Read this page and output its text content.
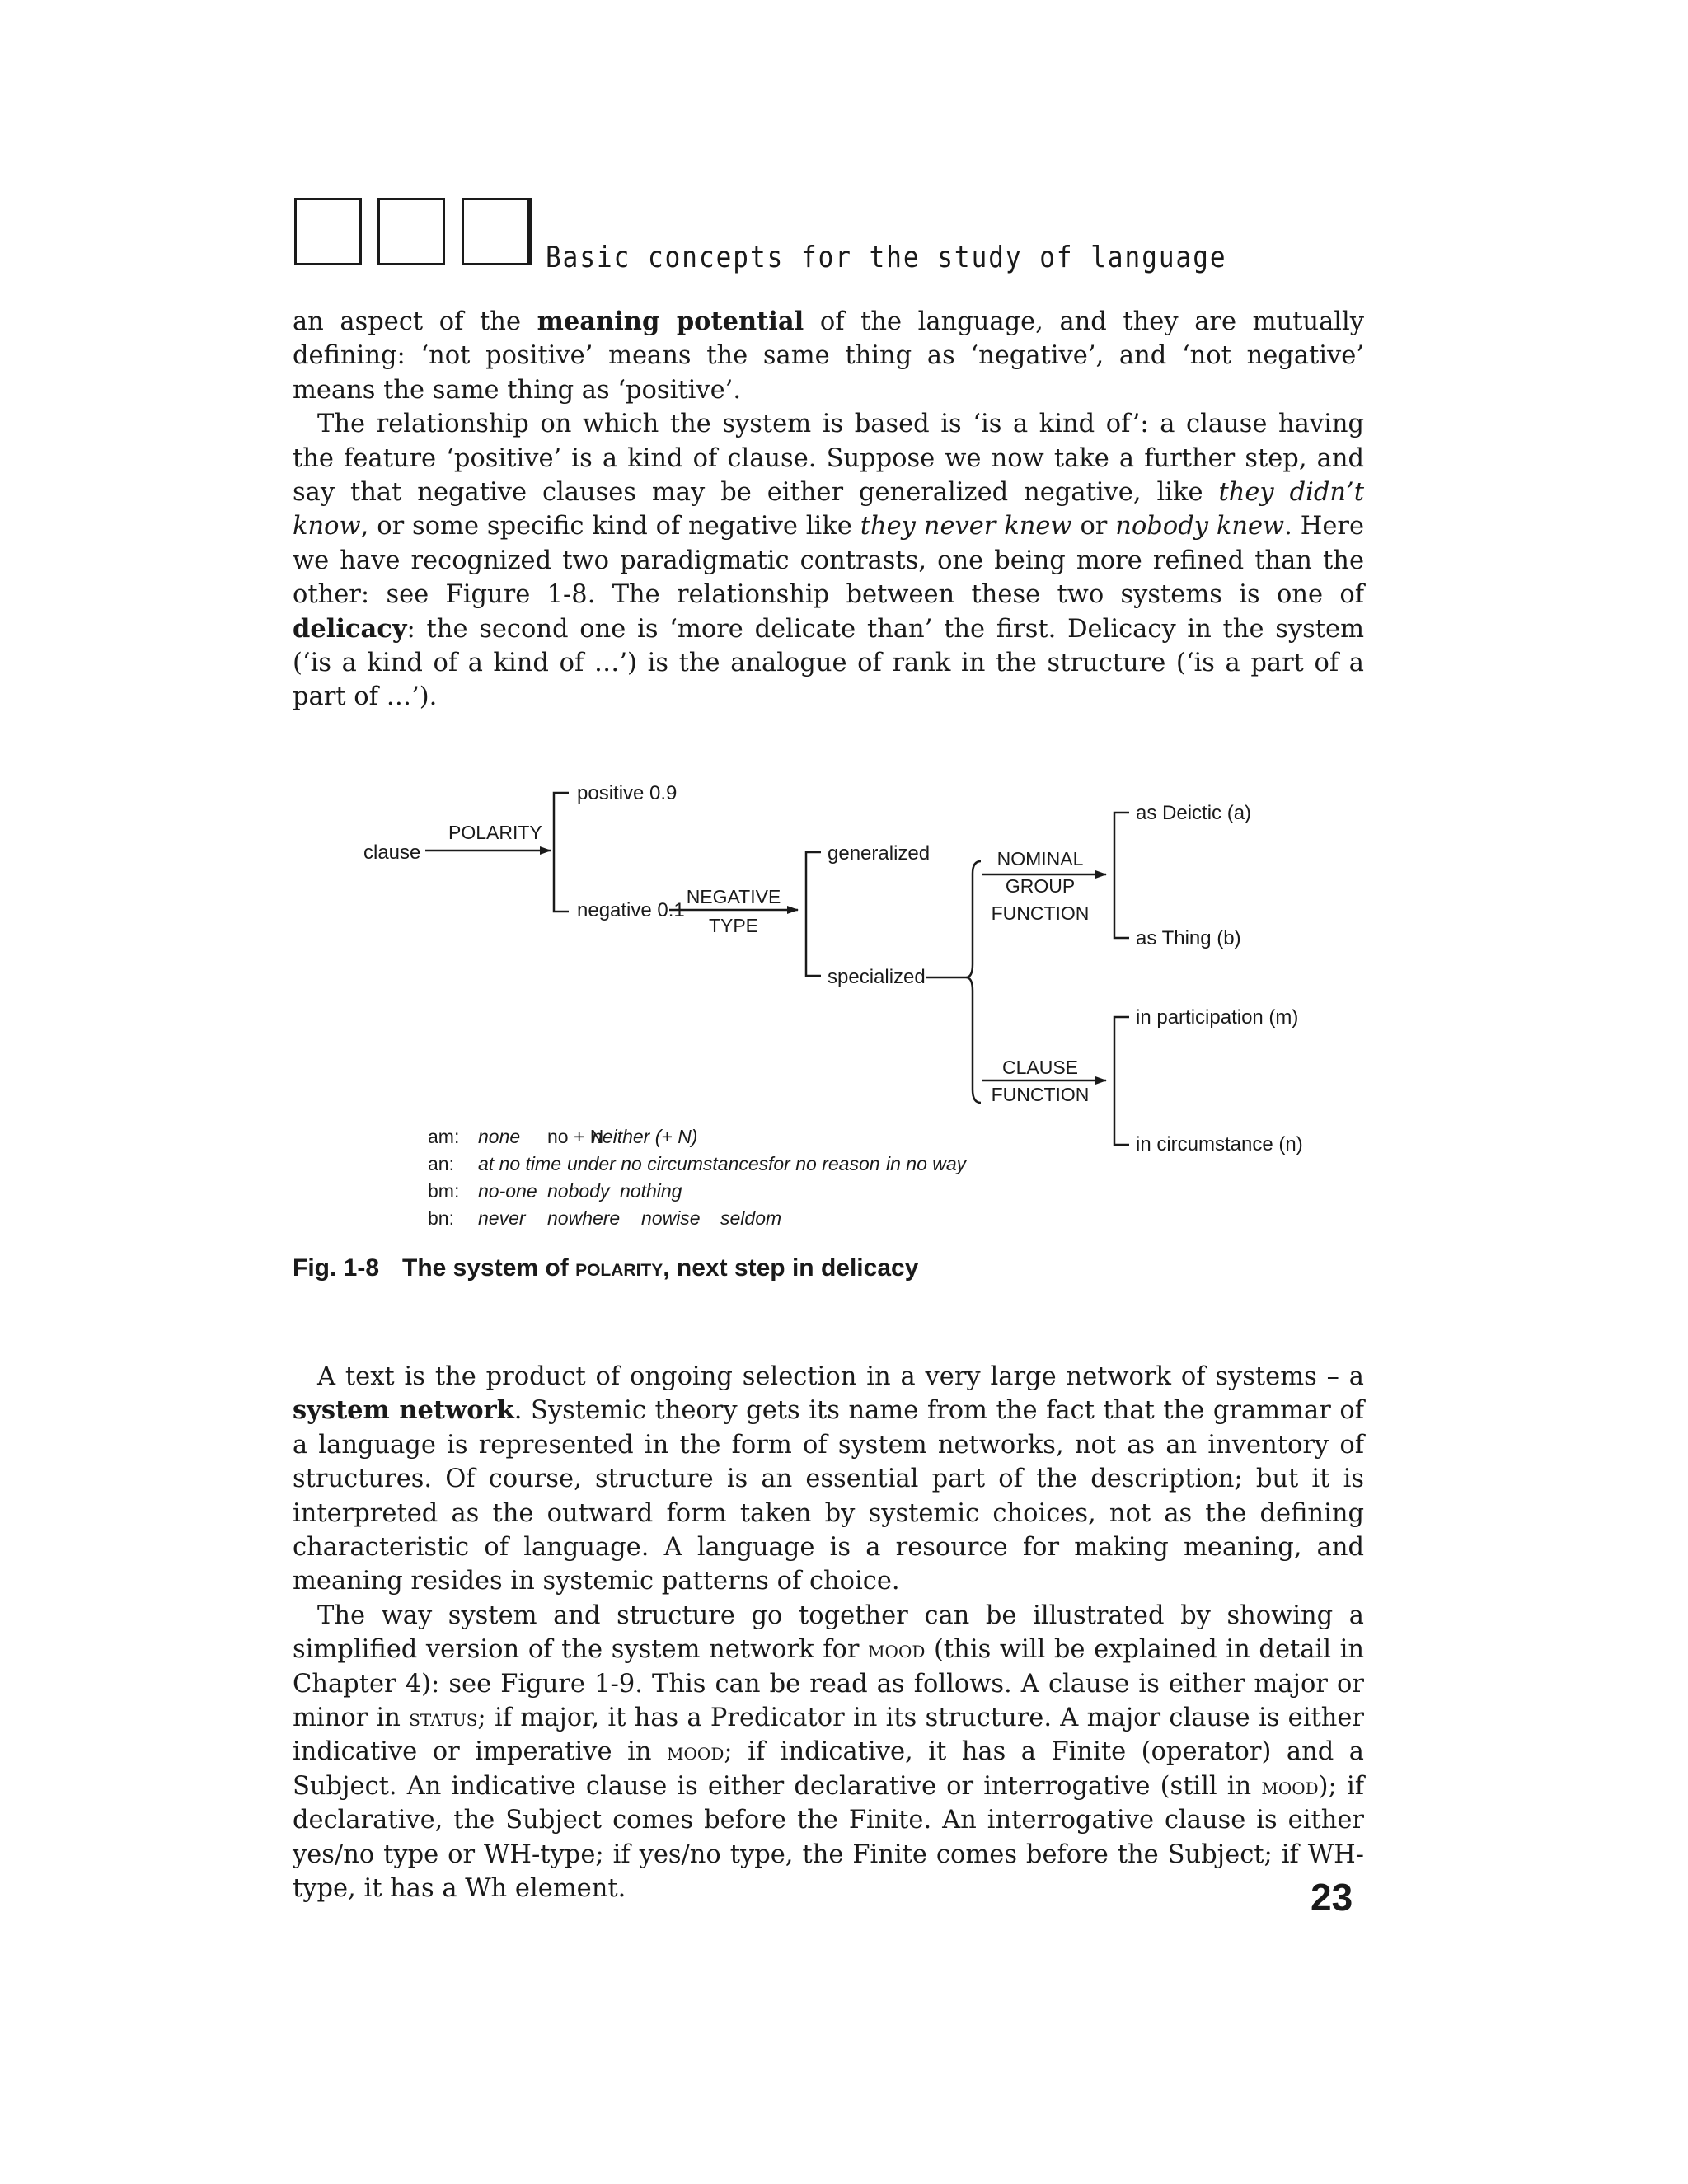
Basic concepts for the study of language

an aspect of the meaning potential of the language, and they are mutually defining: ‘not positive’ means the same thing as ‘negative’, and ‘not negative’ means the same thing as ‘positive’.

The relationship on which the system is based is ‘is a kind of’: a clause having the feature ‘positive’ is a kind of clause. Suppose we now take a further step, and say that negative clauses may be either generalized negative, like they didn’t know, or some specific kind of negative like they never knew or nobody knew. Here we have recognized two paradigmatic contrasts, one being more refined than the other: see Figure 1-8. The relationship between these two systems is one of delicacy: the second one is ‘more delicate than’ the first. Delicacy in the system (‘is a kind of a kind of …’) is the analogue of rank in the structure (‘is a part of a part of …’).

clause
POLARITY
positive 0.9
negative 0.1
NEGATIVE
TYPE
generalized
specialized
NOMINAL
GROUP
FUNCTION
CLAUSE
FUNCTION
as Deictic (a)
as Thing (b)
in participation (m)
in circumstance (n)
am:
an:
bm:
bn:
none no + N
neither (+ N)
at no time under no circumstances for no reason in no way
no-one nobody nothing
never nowhere nowise seldom
Fig. 1-8 The system of polarity, next step in delicacy

A text is the product of ongoing selection in a very large network of systems – a system network. Systemic theory gets its name from the fact that the grammar of a language is represented in the form of system networks, not as an inventory of structures. Of course, structure is an essential part of the description; but it is interpreted as the outward form taken by systemic choices, not as the defining characteristic of language. A language is a resource for making meaning, and meaning resides in systemic patterns of choice.

The way system and structure go together can be illustrated by showing a simplified version of the system network for mood (this will be explained in detail in Chapter 4): see Figure 1-9. This can be read as follows. A clause is either major or minor in status; if major, it has a Predicator in its structure. A major clause is either indicative or imperative in mood; if indicative, it has a Finite (operator) and a Subject. An indicative clause is either declarative or interrogative (still in mood); if declarative, the Subject comes before the Finite. An interrogative clause is either yes/no type or WH-type; if yes/no type, the Finite comes before the Subject; if WH-type, it has a Wh element.	23
